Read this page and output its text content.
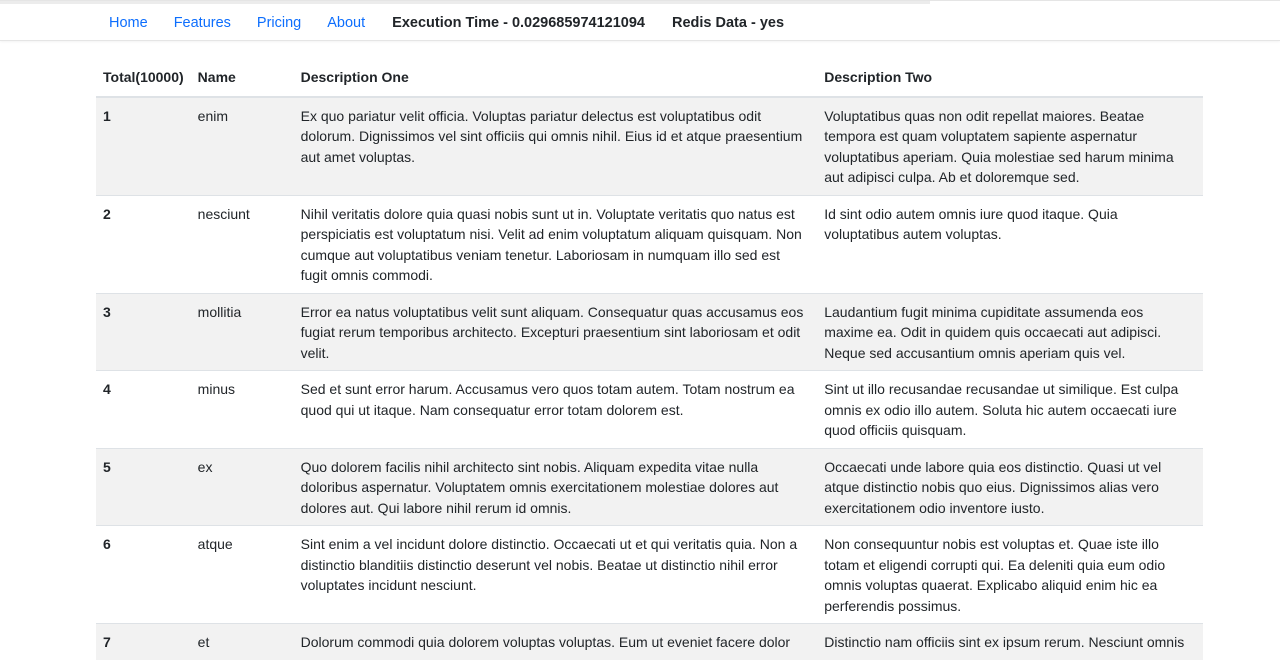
Home	Features	Pricing	About	Execution Time - 0.029685974121094	Redis Data - yes
Total(10000)	Name	Description One	Description Two
1	enim	Ex quo pariatur velit officia. Voluptas pariatur delectus est voluptatibus odit dolorum. Dignissimos vel sint officiis qui omnis nihil. Eius id et atque praesentium aut amet voluptas.	Voluptatibus quas non odit repellat maiores. Beatae tempora est quam voluptatem sapiente aspernatur voluptatibus aperiam. Quia molestiae sed harum minima aut adipisci culpa. Ab et doloremque sed.
2	nesciunt	Nihil veritatis dolore quia quasi nobis sunt ut in. Voluptate veritatis quo natus est perspiciatis est voluptatum nisi. Velit ad enim voluptatum aliquam quisquam. Non cumque aut voluptatibus veniam tenetur. Laboriosam in numquam illo sed est fugit omnis commodi.	Id sint odio autem omnis iure quod itaque. Quia voluptatibus autem voluptas.
3	mollitia	Error ea natus voluptatibus velit sunt aliquam. Consequatur quas accusamus eos fugiat rerum temporibus architecto. Excepturi praesentium sint laboriosam et odit velit.	Laudantium fugit minima cupiditate assumenda eos maxime ea. Odit in quidem quis occaecati aut adipisci. Neque sed accusantium omnis aperiam quis vel.
4	minus	Sed et sunt error harum. Accusamus vero quos totam autem. Totam nostrum ea quod qui ut itaque. Nam consequatur error totam dolorem est.	Sint ut illo recusandae recusandae ut similique. Est culpa omnis ex odio illo autem. Soluta hic autem occaecati iure quod officiis quisquam.
5	ex	Quo dolorem facilis nihil architecto sint nobis. Aliquam expedita vitae nulla doloribus aspernatur. Voluptatem omnis exercitationem molestiae dolores aut dolores aut. Qui labore nihil rerum id omnis.	Occaecati unde labore quia eos distinctio. Quasi ut vel atque distinctio nobis quo eius. Dignissimos alias vero exercitationem odio inventore iusto.
6	atque	Sint enim a vel incidunt dolore distinctio. Occaecati ut et qui veritatis quia. Non a distinctio blanditiis distinctio deserunt vel nobis. Beatae ut distinctio nihil error voluptates incidunt nesciunt.	Non consequuntur nobis est voluptas et. Quae iste illo totam et eligendi corrupti qui. Ea deleniti quia eum odio omnis voluptas quaerat. Explicabo aliquid enim hic ea perferendis possimus.
7	et	Dolorum commodi quia dolorem voluptas voluptas. Eum ut eveniet facere dolor	Distinctio nam officiis sint ex ipsum rerum. Nesciunt omnis
